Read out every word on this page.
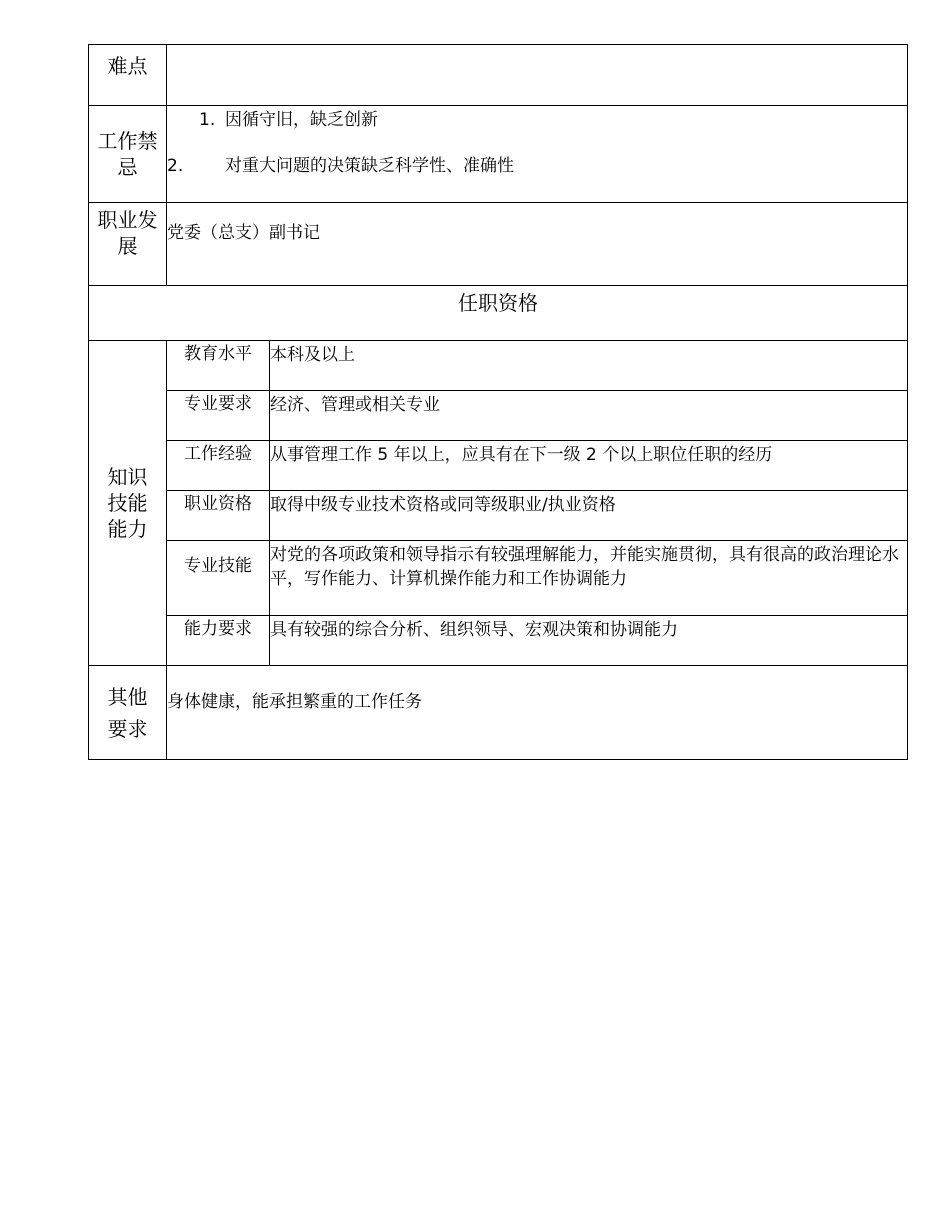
难点		
工作禁忌	1. 因循守旧，缺乏创新
2. 对重大问题的决策缺乏科学性、准确性	

职业发展	党委（总支）副书记	
任职资格		
知识技能能力	教育水平	本科及以上
	专业要求	经济、管理或相关专业
	工作经验	从事管理工作 5 年以上，应具有在下一级 2 个以上职位任职的经历
	职业资格	取得中级专业技术资格或同等级职业/执业资格
	专业技能	对党的各项政策和领导指示有较强理解能力，并能实施贯彻，具有很高的政治理论水平，写作能力、计算机操作能力和工作协调能力
	能力要求	具有较强的综合分析、组织领导、宏观决策和协调能力
其他要求	身体健康，能承担繁重的工作任务	
